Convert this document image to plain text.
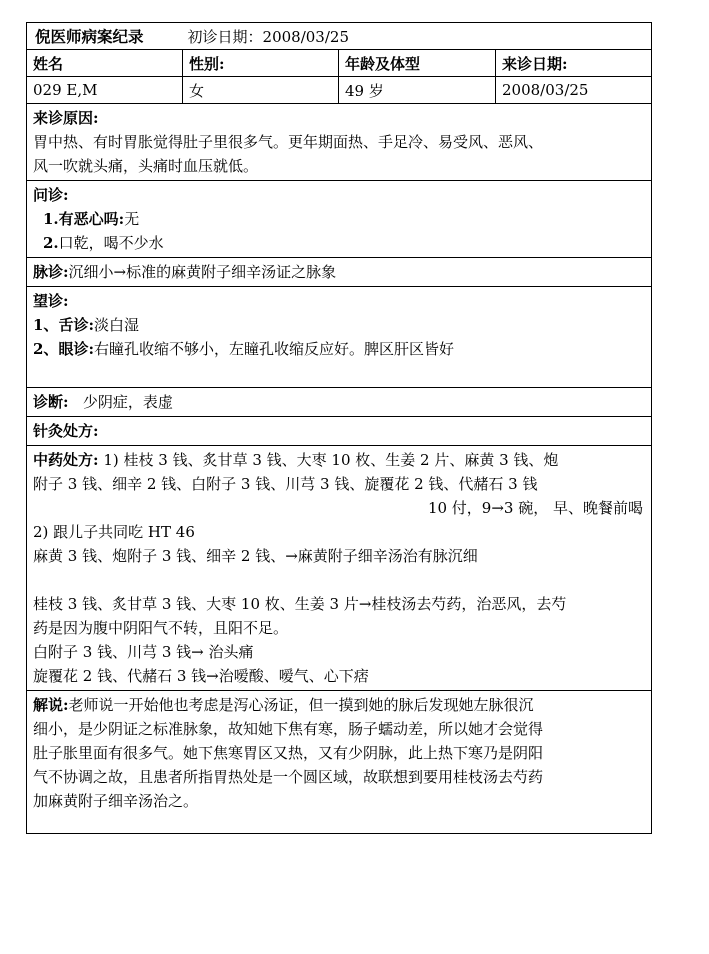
倪医师病案纪录	初诊日期：2008/03/25
姓名	性别:	年龄及体型	来诊日期:
029 E,M	女	49 岁	2008/03/25
来诊原因:
胃中热、有时胃胀觉得肚子里很多气。更年期面热、手足冷、易受风、恶风、
风一吹就头痛，头痛时血压就低。
问诊:
1.有恶心吗:无
2.口乾，喝不少水
脉诊:沉细小→标准的麻黄附子细辛汤证之脉象
望诊:
1、舌诊:淡白湿
2、眼诊:右瞳孔收缩不够小，左瞳孔收缩反应好。脾区肝区皆好
诊断: 少阴症，表虚
针灸处方:
中药处方: 1) 桂枝 3 钱、炙甘草 3 钱、大枣 10 枚、生姜 2 片、麻黄 3 钱、炮
附子 3 钱、细辛 2 钱、白附子 3 钱、川芎 3 钱、旋覆花 2 钱、代赭石 3 钱
10 付，9→3 碗， 早、晚餐前喝
2) 跟儿子共同吃 HT 46
麻黄 3 钱、炮附子 3 钱、细辛 2 钱、→麻黄附子细辛汤治有脉沉细
桂枝 3 钱、炙甘草 3 钱、大枣 10 枚、生姜 3 片→桂枝汤去芍药，治恶风，去芍
药是因为腹中阴阳气不转，且阳不足。
白附子 3 钱、川芎 3 钱→ 治头痛
旋覆花 2 钱、代赭石 3 钱→治嗳酸、嗳气、心下痞
解说:老师说一开始他也考虑是泻心汤证，但一摸到她的脉后发现她左脉很沉
细小，是少阴证之标准脉象，故知她下焦有寒，肠子蠕动差，所以她才会觉得
肚子胀里面有很多气。她下焦寒胃区又热，又有少阴脉，此上热下寒乃是阴阳
气不协调之故，且患者所指胃热处是一个圆区域，故联想到要用桂枝汤去芍药
加麻黄附子细辛汤治之。
